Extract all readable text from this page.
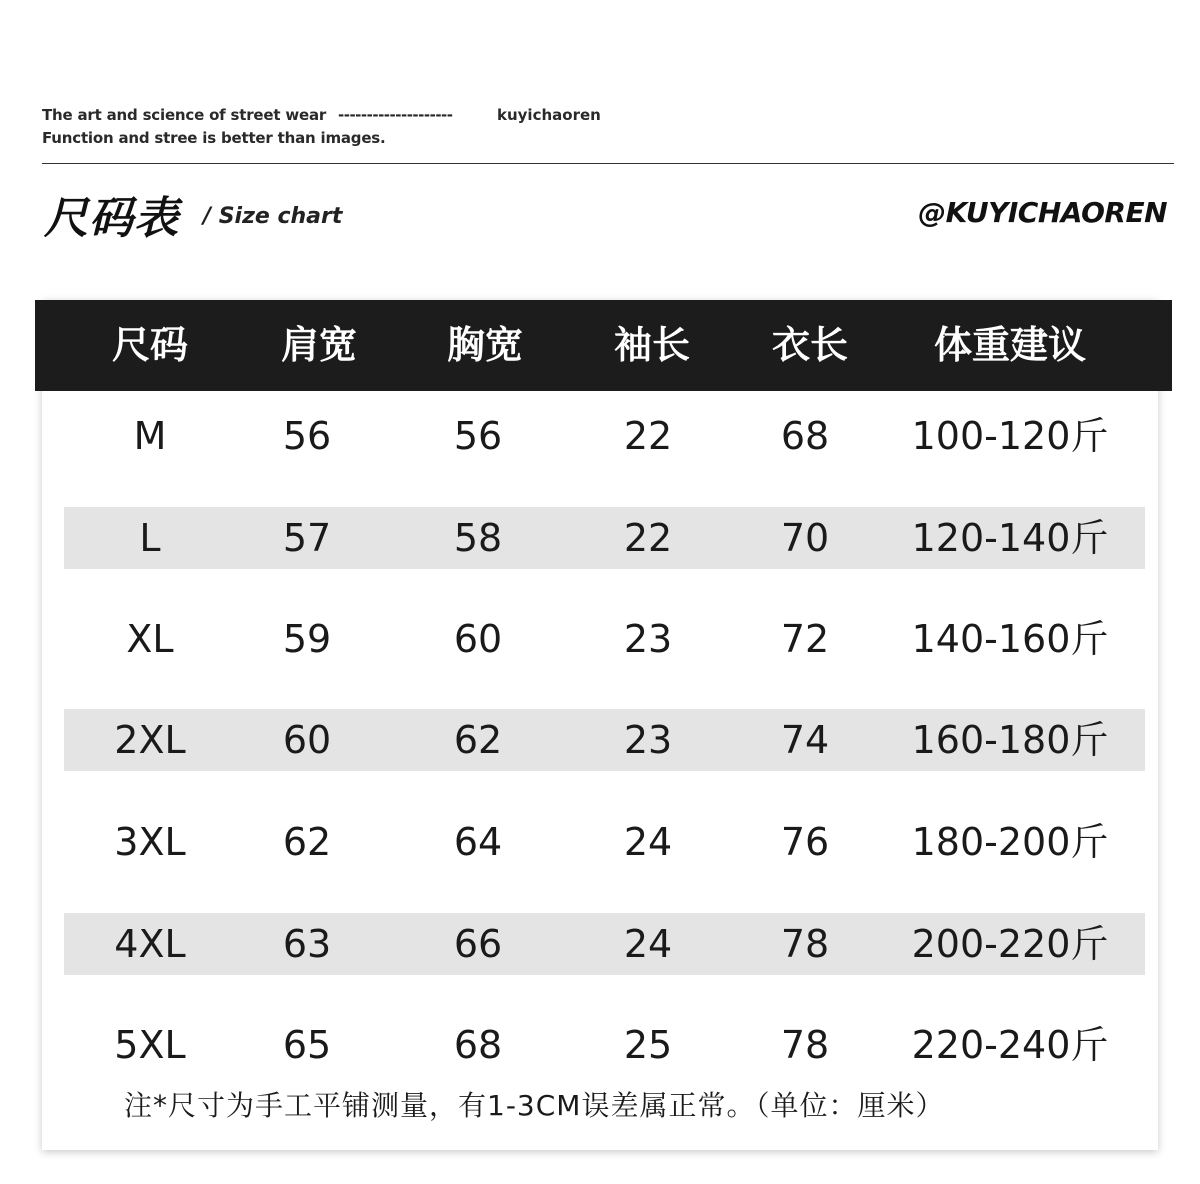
The art and science of street wear --------------------	kuyichaoren
Function and stree is better than images.
尺码表 / Size chart	@KUYICHAOREN
尺码 肩宽 胸宽 袖长 衣长 体重建议
M	56	56	22	68 100-120斤
L	57	58	22	70 120-140斤
XL	59	60	23	72 140-160斤
2XL	60	62	23	74 160-180斤
3XL	62	64	24	76 180-200斤
4XL	63	66	24	78 200-220斤
5XL	65	68	25	78 220-240斤
注*尺寸为手工平铺测量，有1-3CM误差属正常。（单位：厘米）
